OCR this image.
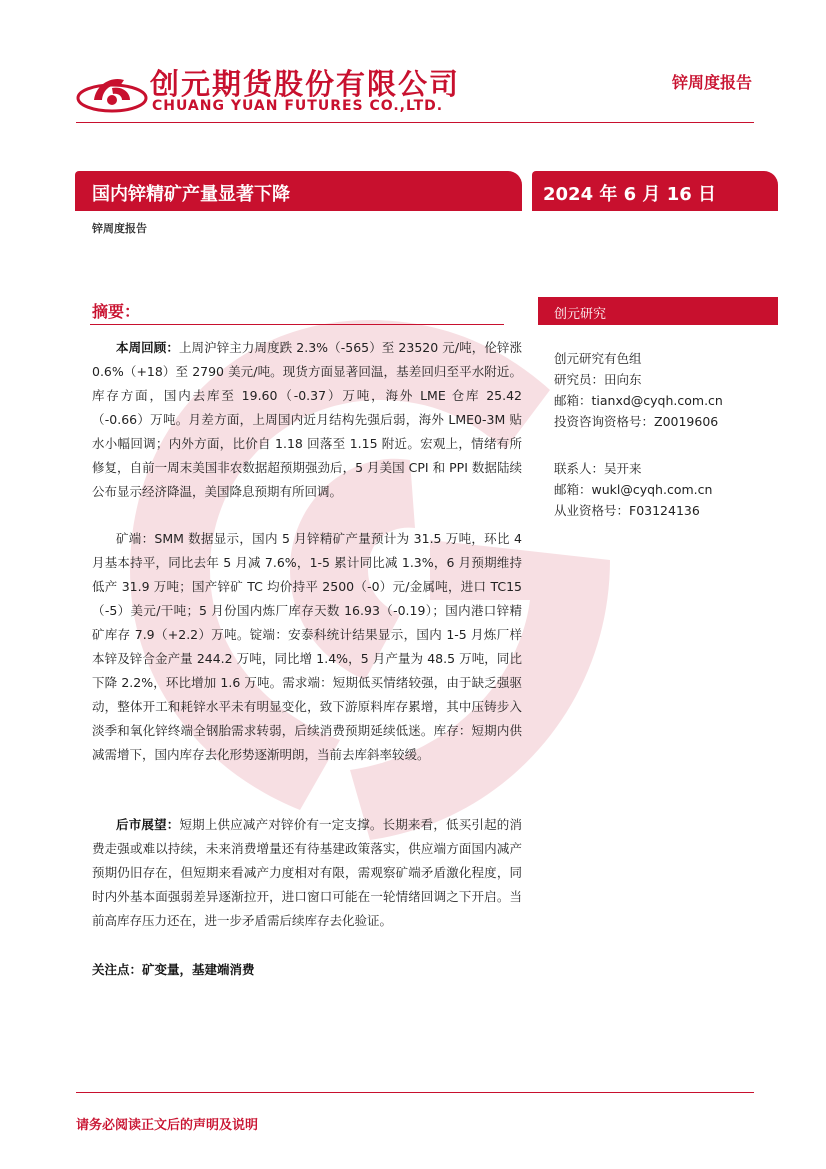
创元期货股份有限公司
CHUANG YUAN FUTURES CO.,LTD.
锌周度报告
国内锌精矿产量显著下降	2024 年 6 月 16 日
锌周度报告
摘要：
本周回顾：上周沪锌主力周度跌 2.3%（-565）至 23520 元/吨，伦锌涨 0.6%（+18）至 2790 美元/吨。现货方面显著回温，基差回归至平水附近。库存方面，国内去库至 19.60（-0.37）万吨，海外 LME 仓库 25.42（-0.66）万吨。月差方面，上周国内近月结构先强后弱，海外 LME0-3M 贴水小幅回调；内外方面，比价自 1.18 回落至 1.15 附近。宏观上，情绪有所修复，自前一周末美国非农数据超预期强劲后，5 月美国 CPI 和 PPI 数据陆续公布显示经济降温，美国降息预期有所回调。
矿端：SMM 数据显示，国内 5 月锌精矿产量预计为 31.5 万吨，环比 4 月基本持平，同比去年 5 月减 7.6%，1-5 累计同比减 1.3%，6 月预期维持低产 31.9 万吨；国产锌矿 TC 均价持平 2500（-0）元/金属吨，进口 TC15（-5）美元/干吨；5 月份国内炼厂库存天数 16.93（-0.19）；国内港口锌精矿库存 7.9（+2.2）万吨。锭端：安泰科统计结果显示，国内 1-5 月炼厂样本锌及锌合金产量 244.2 万吨，同比增 1.4%，5 月产量为 48.5 万吨，同比下降 2.2%，环比增加 1.6 万吨。需求端：短期低买情绪较强，由于缺乏强驱动，整体开工和耗锌水平未有明显变化，致下游原料库存累增，其中压铸步入淡季和氧化锌终端全钢胎需求转弱，后续消费预期延续低迷。库存：短期内供减需增下，国内库存去化形势逐渐明朗，当前去库斜率较缓。
后市展望：短期上供应减产对锌价有一定支撑。长期来看，低买引起的消费走强或难以持续，未来消费增量还有待基建政策落实，供应端方面国内减产预期仍旧存在，但短期来看减产力度相对有限，需观察矿端矛盾激化程度，同时内外基本面强弱差异逐渐拉开，进口窗口可能在一轮情绪回调之下开启。当前高库存压力还在，进一步矛盾需后续库存去化验证。
关注点：矿变量，基建端消费
创元研究
创元研究有色组
研究员：田向东
邮箱：tianxd@cyqh.com.cn
投资咨询资格号：Z0019606
联系人：吴开来
邮箱：wukl@cyqh.com.cn
从业资格号：F03124136
请务必阅读正文后的声明及说明
